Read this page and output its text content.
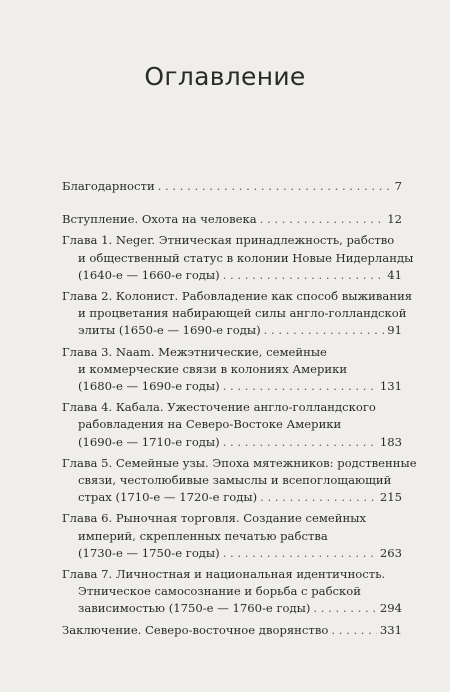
Оглавление
Благодарности . . .	7
Вступление. Охота на человека . . .	12
Глава 1. Neger. Этническая принадлежность, рабство
и общественный статус в колонии Новые Нидерланды
(1640-е — 1660-е годы) . . .	41
Глава 2. Колонист. Рабовладение как способ выживания
и процветания набирающей силы англо-голландской
элиты (1650-е — 1690-е годы) . . .	91
Глава 3. Naam. Межэтнические, семейные
и коммерческие связи в колониях Америки
(1680-е — 1690-е годы) . . .	131
Глава 4. Кабала. Ужесточение англо-голландского
рабовладения на Северо-Востоке Америки
(1690-е — 1710-е годы) . . .	183
Глава 5. Семейные узы. Эпоха мятежников: родственные
связи, честолюбивые замыслы и всепоглощающий
страх (1710-е — 1720-е годы) . . .	215
Глава 6. Рыночная торговля. Создание семейных
империй, скрепленных печатью рабства
(1730-е — 1750-е годы) . . .	263
Глава 7. Личностная и национальная идентичность.
Этническое самосознание и борьба с рабской
зависимостью (1750-е — 1760-е годы) . . .	294
Заключение. Северо-восточное дворянство . . .	331
